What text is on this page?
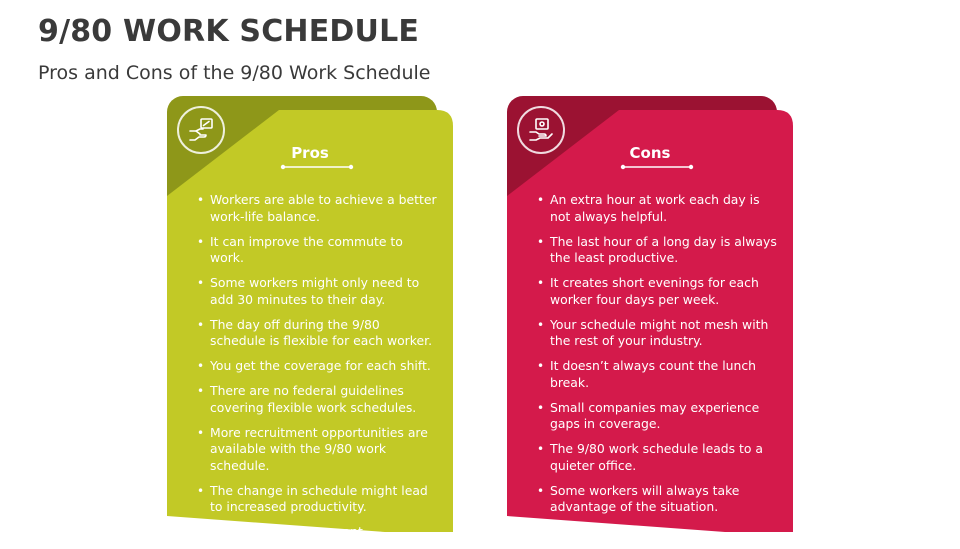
9/80 WORK SCHEDULE
Pros and Cons of the 9/80 Work Schedule
Pros
• Workers are able to achieve a better work-life balance.
• It can improve the commute to work.
• Some workers might only need to add 30 minutes to their day.
• The day off during the 9/80 schedule is flexible for each worker.
• You get the coverage for each shift.
• There are no federal guidelines covering flexible work schedules.
• More recruitment opportunities are available with the 9/80 work schedule.
• The change in schedule might lead to increased productivity.
• It helps the environment.
Cons
• An extra hour at work each day is not always helpful.
• The last hour of a long day is always the least productive.
• It creates short evenings for each worker four days per week.
• Your schedule might not mesh with the rest of your industry.
• It doesn’t always count the lunch break.
• Small companies may experience gaps in coverage.
• The 9/80 work schedule leads to a quieter office.
• Some workers will always take advantage of the situation.
